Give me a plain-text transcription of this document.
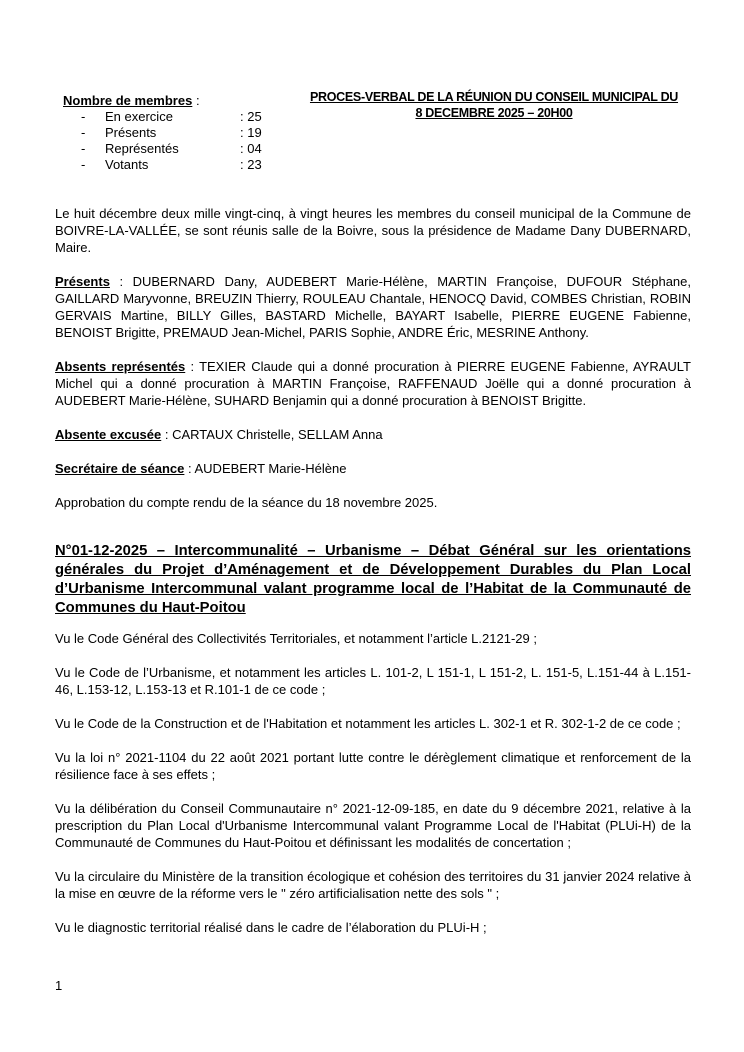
Nombre de membres :
-	En exercice	: 25
-	Présents	: 19
-	Représentés	: 04
-	Votants	: 23
PROCES-VERBAL DE LA RÉUNION DU CONSEIL MUNICIPAL DU
8 DECEMBRE 2025 – 20H00

Le huit décembre deux mille vingt-cinq, à vingt heures les membres du conseil municipal de la Commune de BOIVRE-LA-VALLÉE, se sont réunis salle de la Boivre, sous la présidence de Madame Dany DUBERNARD, Maire.

Présents : DUBERNARD Dany, AUDEBERT Marie-Hélène, MARTIN Françoise, DUFOUR Stéphane, GAILLARD Maryvonne, BREUZIN Thierry, ROULEAU Chantale, HENOCQ David, COMBES Christian, ROBIN GERVAIS Martine, BILLY Gilles, BASTARD Michelle, BAYART Isabelle, PIERRE EUGENE Fabienne, BENOIST Brigitte, PREMAUD Jean-Michel, PARIS Sophie, ANDRE Éric, MESRINE Anthony.

Absents représentés : TEXIER Claude qui a donné procuration à PIERRE EUGENE Fabienne, AYRAULT Michel qui a donné procuration à MARTIN Françoise, RAFFENAUD Joëlle qui a donné procuration à AUDEBERT Marie-Hélène, SUHARD Benjamin qui a donné procuration à BENOIST Brigitte.

Absente excusée : CARTAUX Christelle, SELLAM Anna

Secrétaire de séance : AUDEBERT Marie-Hélène

Approbation du compte rendu de la séance du 18 novembre 2025.

N°01-12-2025 – Intercommunalité – Urbanisme – Débat Général sur les orientations générales du Projet d’Aménagement et de Développement Durables du Plan Local d’Urbanisme Intercommunal valant programme local de l’Habitat de la Communauté de Communes du Haut-Poitou

Vu le Code Général des Collectivités Territoriales, et notamment l’article L.2121-29 ;

Vu le Code de l’Urbanisme, et notamment les articles L. 101-2, L 151-1, L 151-2, L. 151-5, L.151-44 à L.151-46, L.153-12, L.153-13 et R.101-1 de ce code ;

Vu le Code de la Construction et de l'Habitation et notamment les articles L. 302-1 et R. 302-1-2 de ce code ;

Vu la loi n° 2021-1104 du 22 août 2021 portant lutte contre le dérèglement climatique et renforcement de la résilience face à ses effets ;

Vu la délibération du Conseil Communautaire n° 2021-12-09-185, en date du 9 décembre 2021, relative à la prescription du Plan Local d'Urbanisme Intercommunal valant Programme Local de l'Habitat (PLUi-H) de la Communauté de Communes du Haut-Poitou et définissant les modalités de concertation ;

Vu la circulaire du Ministère de la transition écologique et cohésion des territoires du 31 janvier 2024 relative à la mise en œuvre de la réforme vers le " zéro artificialisation nette des sols " ;

Vu le diagnostic territorial réalisé dans le cadre de l’élaboration du PLUi-H ;

1
